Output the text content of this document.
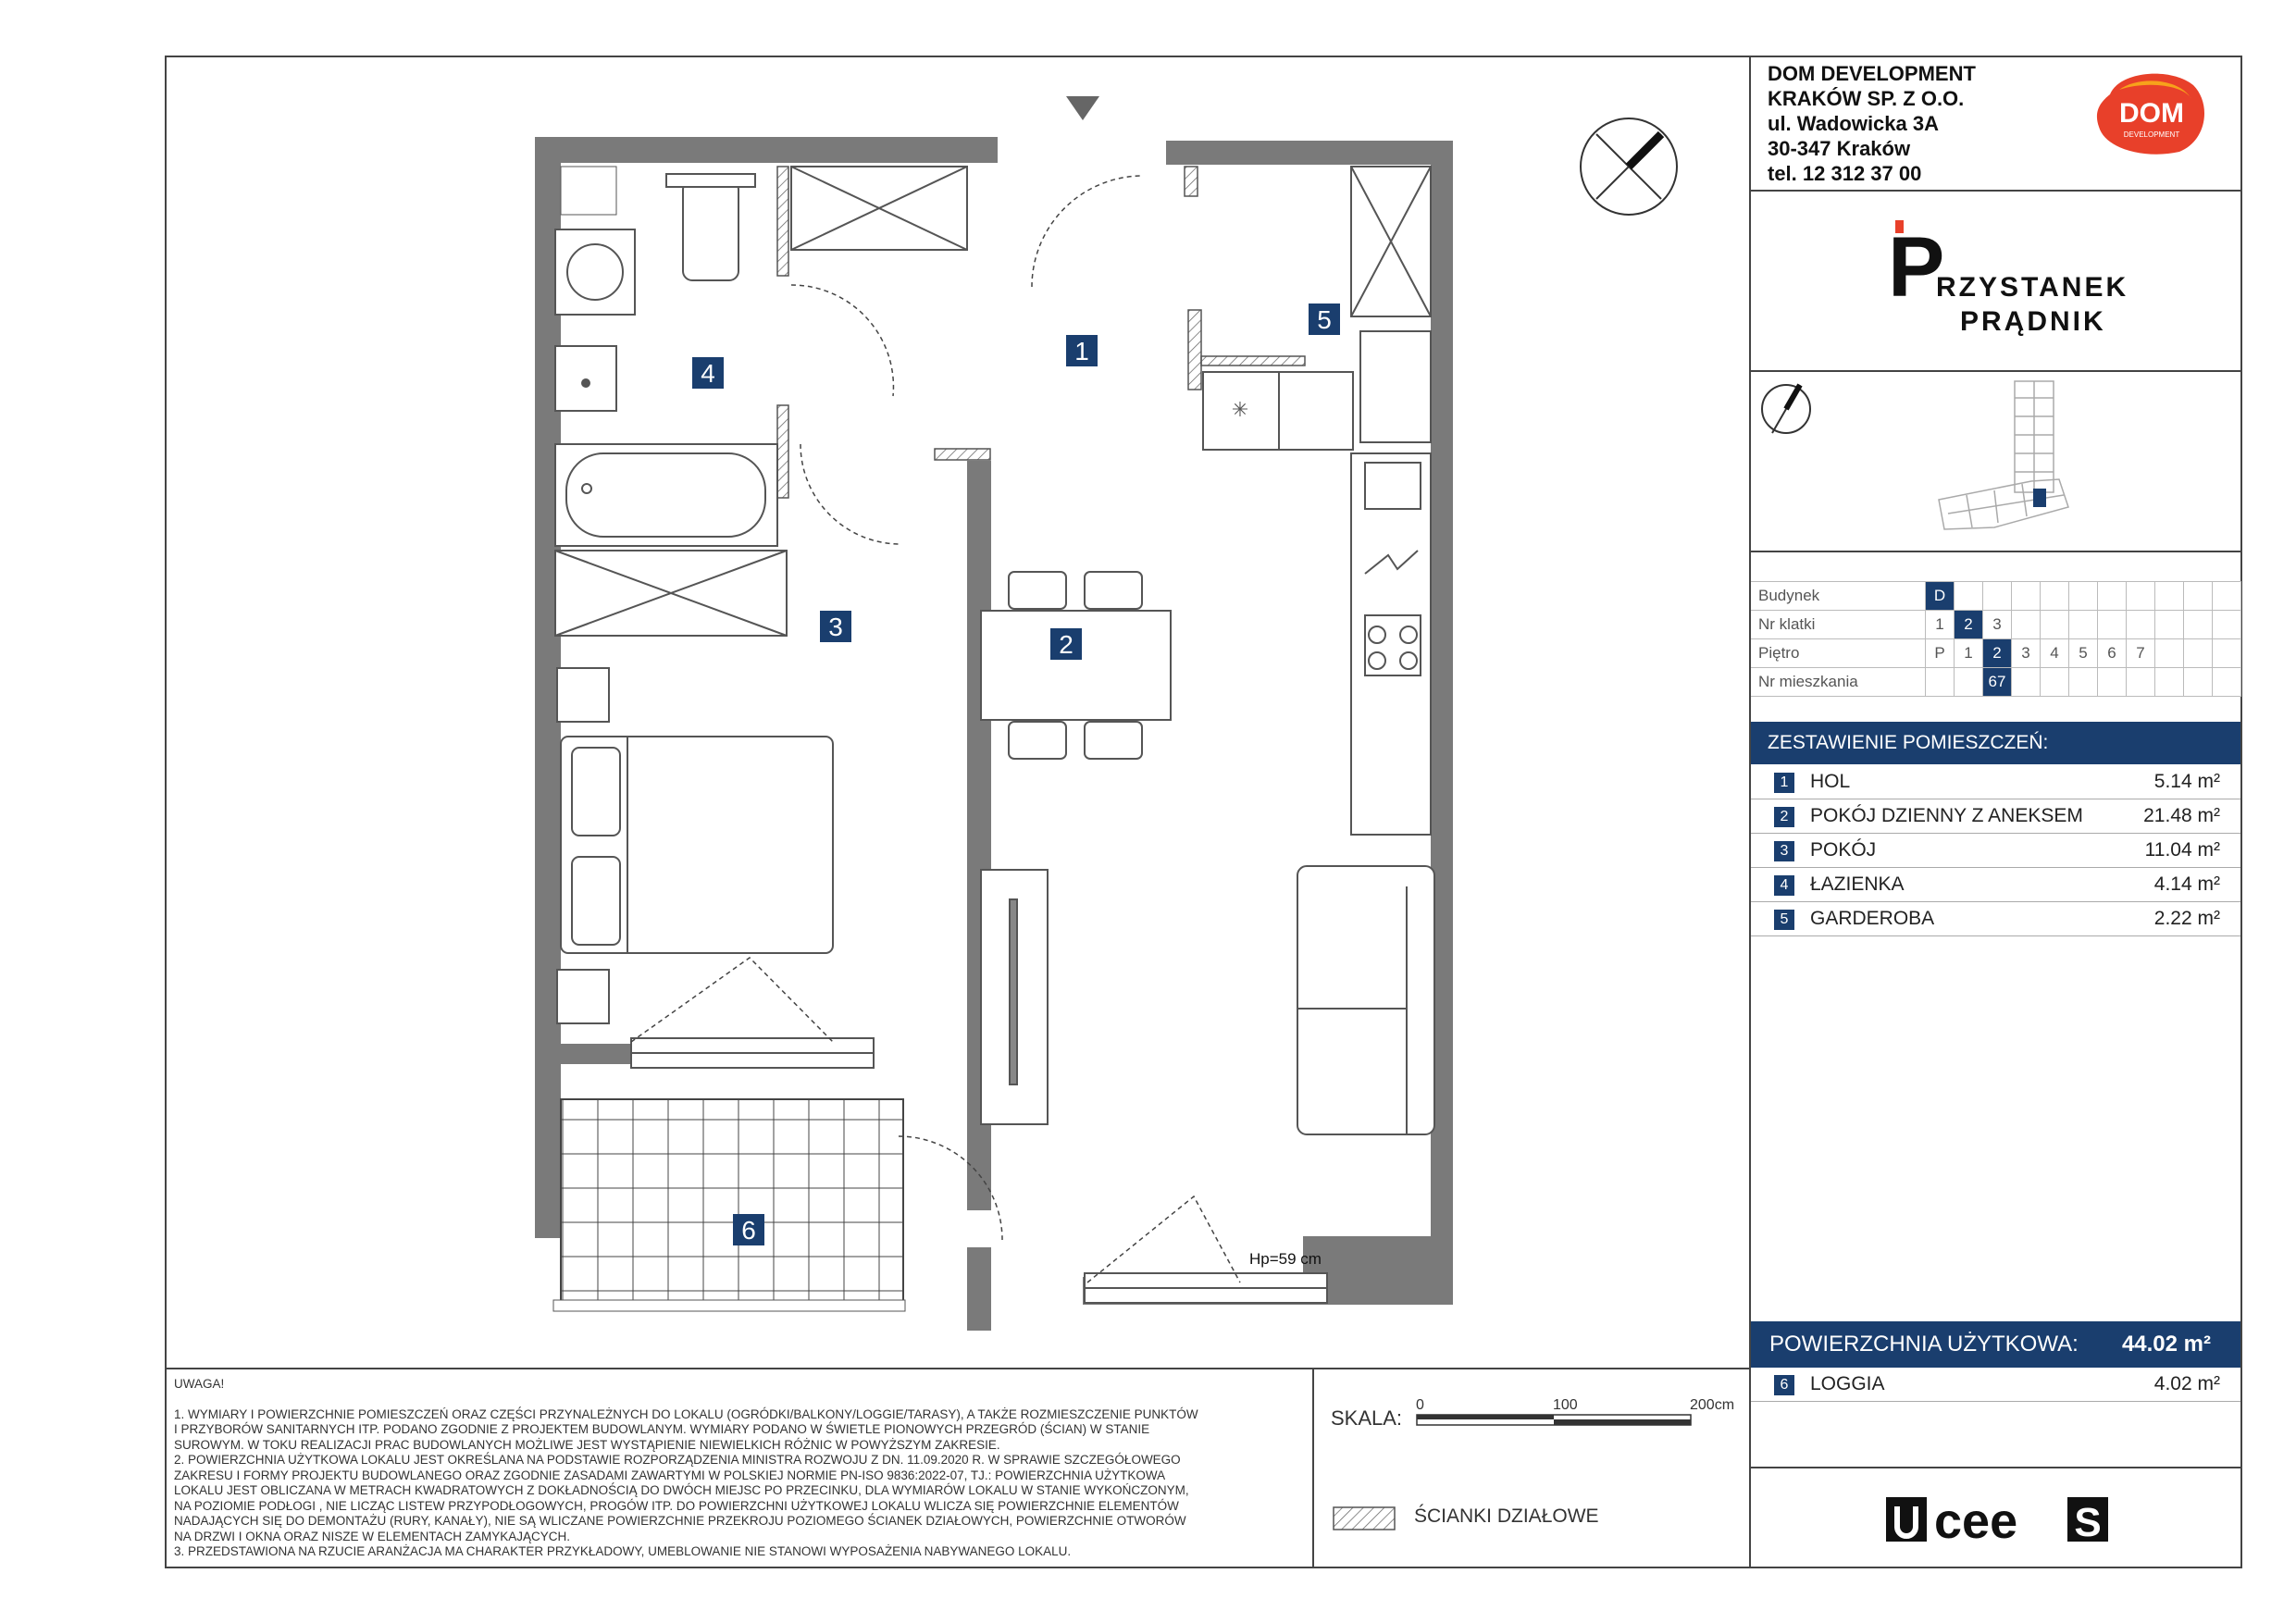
DOM DEVELOPMENT
KRAKÓW SP. Z O.O.
ul. Wadowicka 3A
30-347 Kraków
tel. 12 312 37 00
DOM
DEVELOPMENT
P
RZYSTANEK
PRĄDNIK
Budynek	D										
Nr klatki	1	2	3								
Piętro	P	1	2	3	4	5	6	7			
Nr mieszkania			67								
ZESTAWIENIE POMIESZCZEŃ:
1	HOL	5.14 m²
2	POKÓJ DZIENNY Z ANEKSEM	21.48 m²
3	POKÓJ	11.04 m²
4	ŁAZIENKA	4.14 m²
5	GARDEROBA	2.22 m²
POWIERZCHNIA UŻYTKOWA: 44.02 m²
6	LOGGIA	4.02 m²

UWAGA!

1. WYMIARY I POWIERZCHNIE POMIESZCZEŃ ORAZ CZĘŚCI PRZYNALEŻNYCH DO LOKALU (OGRÓDKI/BALKONY/LOGGIE/TARASY), A TAKŻE ROZMIESZCZENIE PUNKTÓW

I PRZYBORÓW SANITARNYCH ITP. PODANO ZGODNIE Z PROJEKTEM BUDOWLANYM. WYMIARY PODANO W ŚWIETLE PIONOWYCH PRZEGRÓD (ŚCIAN) W STANIE

SUROWYM. W TOKU REALIZACJI PRAC BUDOWLANYCH MOŻLIWE JEST WYSTĄPIENIE NIEWIELKICH RÓŻNIC W POWYŻSZYM ZAKRESIE.

2. POWIERZCHNIA UŻYTKOWA LOKALU JEST OKREŚLANA NA PODSTAWIE ROZPORZĄDZENIA MINISTRA ROZWOJU Z DN. 11.09.2020 R. W SPRAWIE SZCZEGÓŁOWEGO

ZAKRESU I FORMY PROJEKTU BUDOWLANEGO ORAZ ZGODNIE ZASADAMI ZAWARTYMI W POLSKIEJ NORMIE PN-ISO 9836:2022-07, TJ.: POWIERZCHNIA UŻYTKOWA

LOKALU JEST OBLICZANA W METRACH KWADRATOWYCH Z DOKŁADNOŚCIĄ DO DWÓCH MIEJSC PO PRZECINKU, DLA WYMIARÓW LOKALU W STANIE WYKOŃCZONYM,

NA POZIOMIE PODŁOGI , NIE LICZĄC LISTEW PRZYPODŁOGOWYCH, PROGÓW ITP. DO POWIERZCHNI UŻYTKOWEJ LOKALU WLICZA SIĘ POWIERZCHNIE ELEMENTÓW

NADAJĄCYCH SIĘ DO DEMONTAŻU (RURY, KANAŁY), NIE SĄ WLICZANE POWIERZCHNIE PRZEKROJU POZIOMEGO ŚCIANEK DZIAŁOWYCH, POWIERZCHNIE OTWORÓW

NA DRZWI I OKNA ORAZ NISZE W ELEMENTACH ZAMYKAJĄCYCH.

3. PRZEDSTAWIONA NA RZUCIE ARANŻACJA MA CHARAKTER PRZYKŁADOWY, UMEBLOWANIE NIE STANOWI WYPOSAŻENIA NABYWANEGO LOKALU.

SKALA:
0	100	200cm
ŚCIANKI DZIAŁOWE	cee S
✳
Hp=59 cm
1
2
3
4
5
6
